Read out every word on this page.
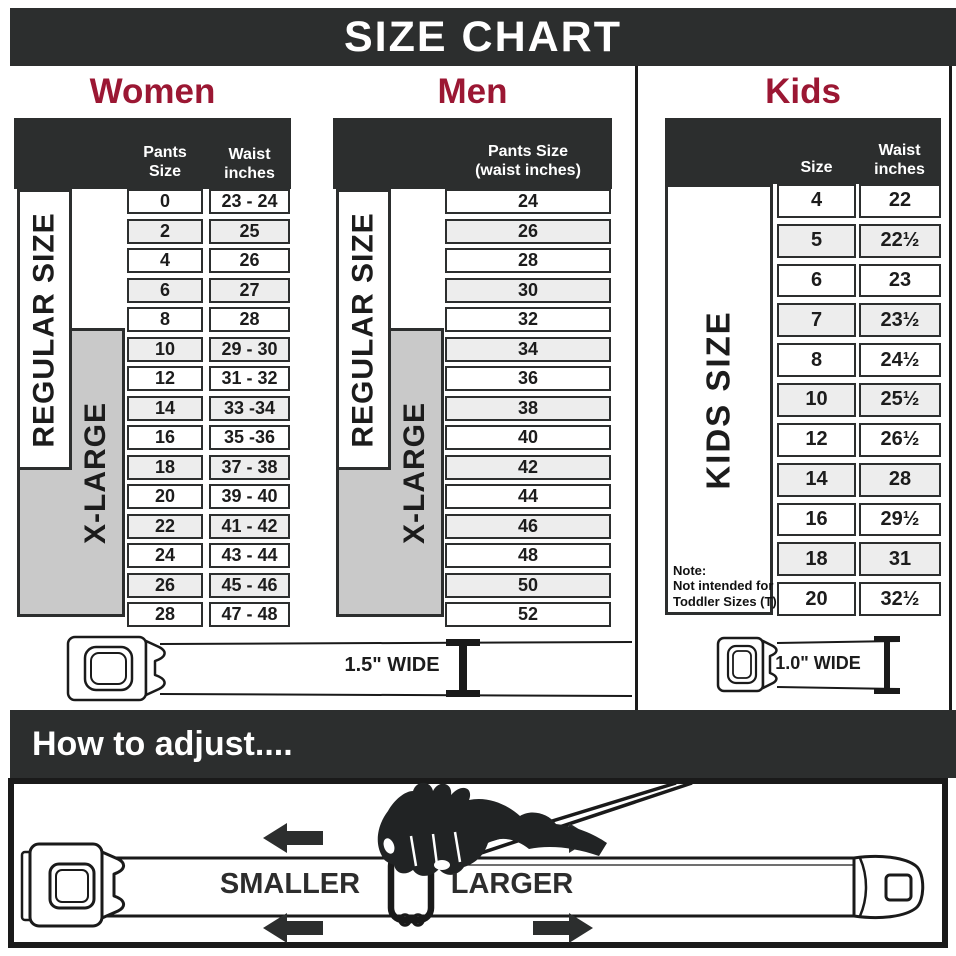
SIZE CHART
Women	Men	Kids
Pants Size
Waist
inches
X-LARGE
REGULAR SIZE
0	23 - 24
2	25
4	26
6	27
8	28
10	29 - 30
12	31 - 32
14	33 -34
16	35 -36
18	37 - 38
20	39 - 40
22	41 - 42
24	43 - 44
26	45 - 46
28	47 - 48
Pants Size
(waist inches)
X-LARGE
REGULAR SIZE
24
26
28
30
32
34
36
38
40
42
44
46
48
50
52
Size
Waist
inches
KIDS SIZE
Note:
Not intended for
Toddler Sizes (T)
4	22
5	22½
6	23
7	23½
8	24½
10	25½
12	26½
14	28
16	29½
18	31
20	32½
1.5" WIDE	1.0" WIDE
How to adjust....
SMALLER	LARGER
